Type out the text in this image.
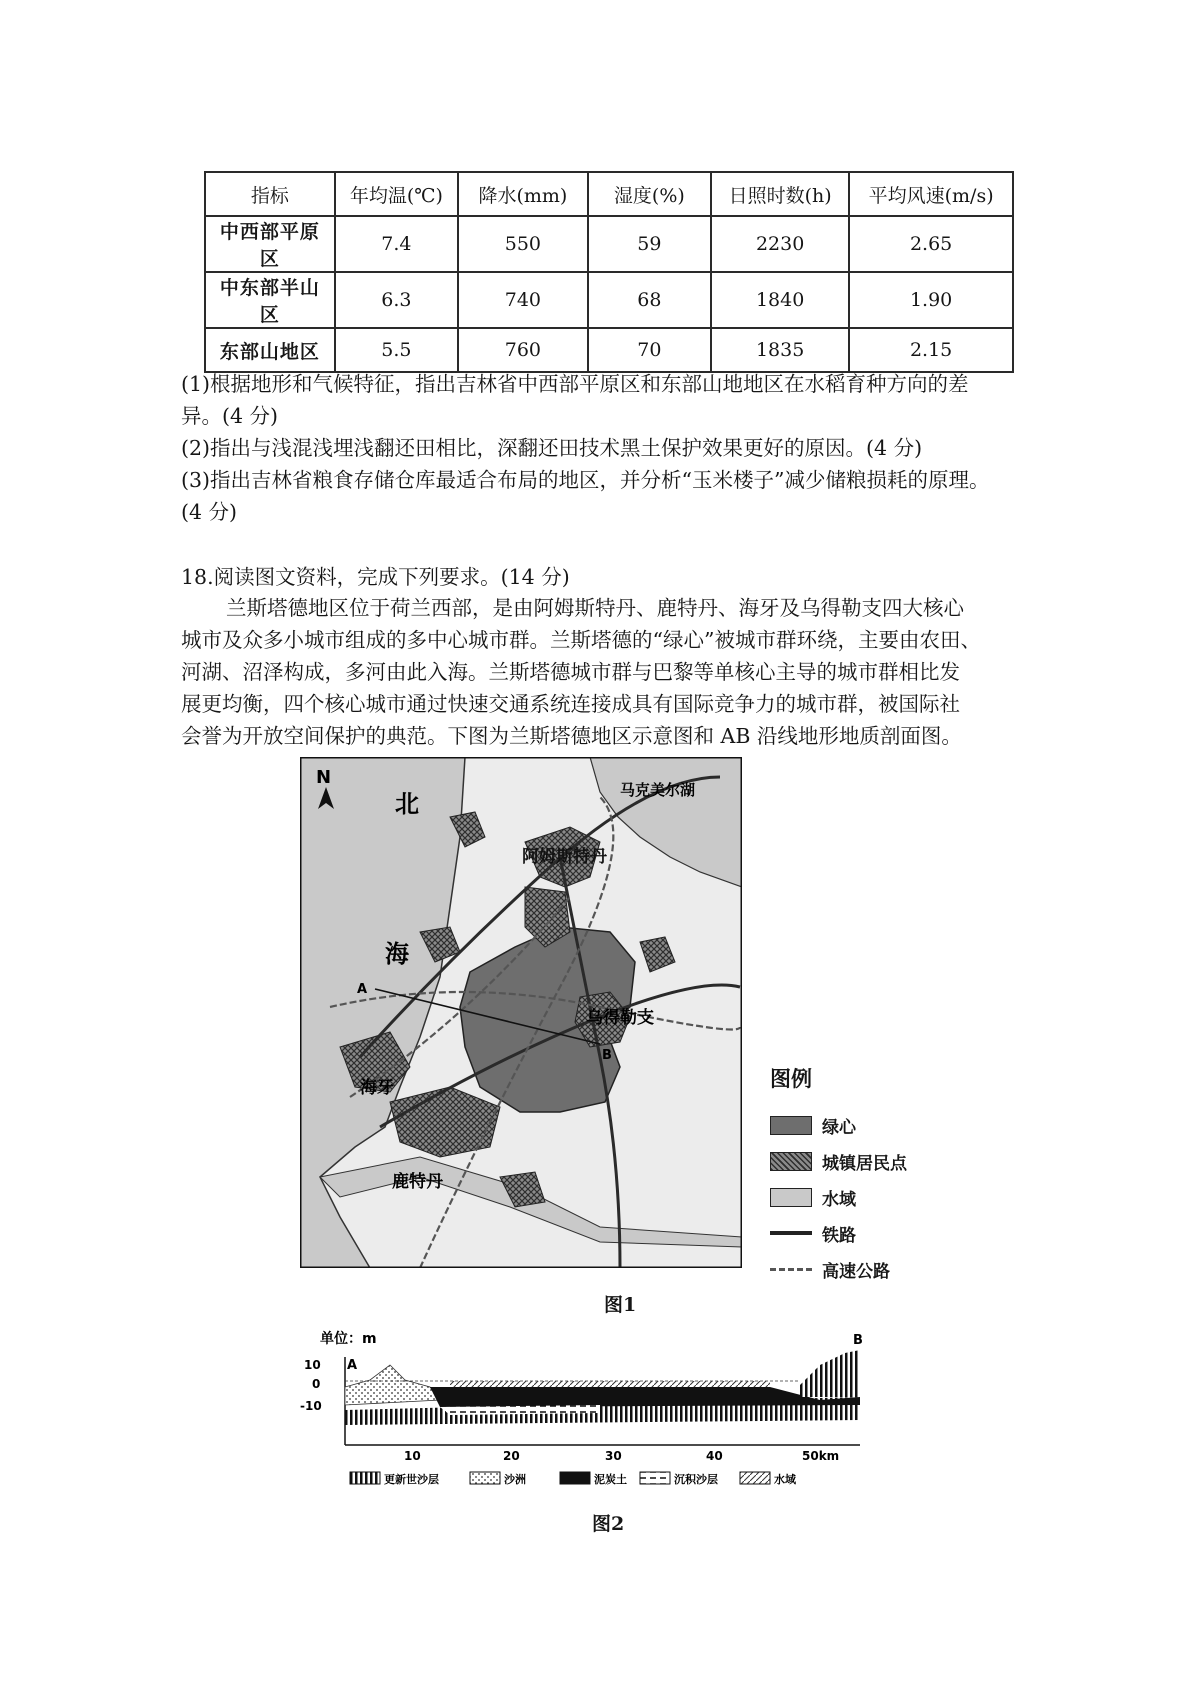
指标	年均温(℃)	降水(mm)	湿度(%)	日照时数(h)	平均风速(m/s)
中西部平原区	7.4	550	59	2230	2.65
中东部半山区	6.3	740	68	1840	1.90
东部山地区	5.5	760	70	1835	2.15
(1)根据地形和气候特征，指出吉林省中西部平原区和东部山地地区在水稻育种方向的差
异。(4 分)
(2)指出与浅混浅埋浅翻还田相比，深翻还田技术黑土保护效果更好的原因。(4 分)
(3)指出吉林省粮食存储仓库最适合布局的地区，并分析“玉米楼子”减少储粮损耗的原理。
(4 分)
18.阅读图文资料，完成下列要求。(14 分)
兰斯塔德地区位于荷兰西部，是由阿姆斯特丹、鹿特丹、海牙及乌得勒支四大核心
城市及众多小城市组成的多中心城市群。兰斯塔德的“绿心”被城市群环绕，主要由农田、
河湖、沼泽构成，多河由此入海。兰斯塔德城市群与巴黎等单核心主导的城市群相比发
展更均衡，四个核心城市通过快速交通系统连接成具有国际竞争力的城市群，被国际社
会誉为开放空间保护的典范。下图为兰斯塔德地区示意图和 AB 沿线地形地质剖面图。
N
北
海
马克美尔湖
阿姆斯特丹
乌得勒支
海牙
鹿特丹
A
B
图例
绿心
城镇居民点
水域
铁路
高速公路
图1
单位：m
10
0
-10
A
B
10	20	30	40	50km
更新世沙层	沙洲	泥炭土	沉积沙层	水域
图2
